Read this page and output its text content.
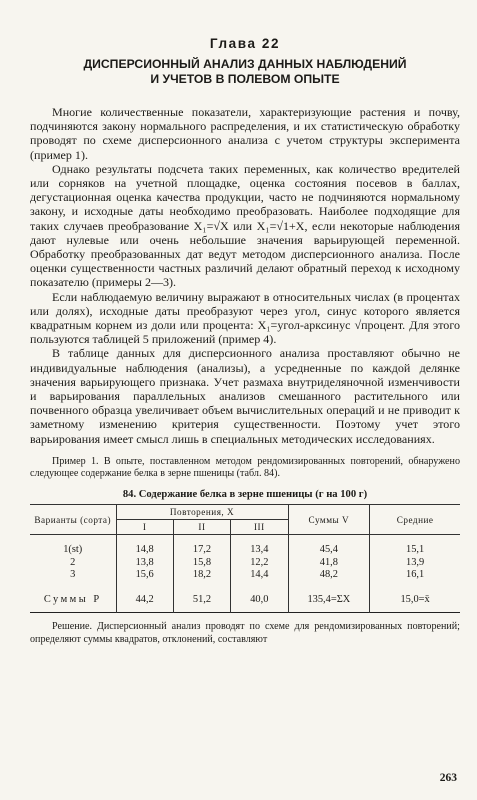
Глава 22
ДИСПЕРСИОННЫЙ АНАЛИЗ ДАННЫХ НАБЛЮДЕНИЙ
И УЧЕТОВ В ПОЛЕВОМ ОПЫТЕ

Многие количественные показатели, характеризующие растения и почву, подчиняются закону нормального распределения, и их статистическую обработку проводят по схеме дисперсионного анализа с учетом структуры эксперимента (пример 1).

Однако результаты подсчета таких переменных, как количество вредителей или сорняков на учетной площадке, оценка состояния посевов в баллах, дегустационная оценка качества продукции, часто не подчиняются нормальному закону, и исходные даты необходимо преобразовать. Наиболее подходящие для таких случаев преобразование X₁=√X или X₁=√1+X, если некоторые наблюдения дают нулевые или очень небольшие значения варьирующей переменной. Обработку преобразованных дат ведут методом дисперсионного анализа. После оценки существенности частных различий делают обратный переход к исходному показателю (примеры 2—3).

Если наблюдаемую величину выражают в относительных числах (в процентах или долях), исходные даты преобразуют через угол, синус которого является квадратным корнем из доли или процента: X₁=угол-арксинус √процент. Для этого пользуются таблицей 5 приложений (пример 4).

В таблице данных для дисперсионного анализа проставляют обычно не индивидуальные наблюдения (анализы), а усредненные по каждой делянке значения варьирующего признака. Учет размаха внутриделяночной изменчивости и варьирования параллельных анализов смешанного растительного или почвенного образца увеличивает объем вычислительных операций и не приводит к заметному изменению критерия существенности. Поэтому учет этого варьирования имеет смысл лишь в специальных методических исследованиях.

Пример 1. В опыте, поставленном методом рендомизированных повторений, обнаружено следующее содержание белка в зерне пшеницы (табл. 84).

84. Содержание белка в зерне пшеницы (г на 100 г)
Варианты (сорта)	Повторения, X			Суммы V	Средние
	I	II	III		
1(st)	14,8	17,2	13,4	45,4	15,1
2	13,8	15,8	12,2	41,8	13,9
3	15,6	18,2	14,4	48,2	16,1

Суммы P	44,2	51,2	40,0	135,4=ΣX	15,0=x̄

Решение. Дисперсионный анализ проводят по схеме для рендомизированных повторений; определяют суммы квадратов, отклонений, составляют

263
